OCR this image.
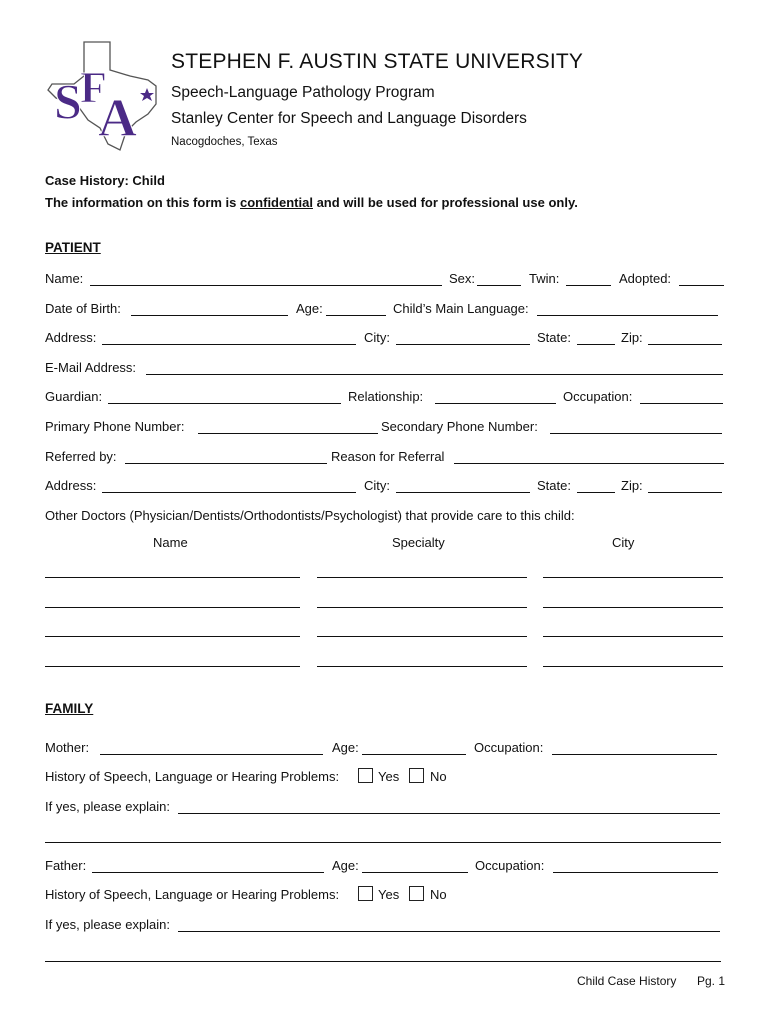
S
F
A
STEPHEN F. AUSTIN STATE UNIVERSITY
Speech-Language Pathology Program
Stanley Center for Speech and Language Disorders
Nacogdoches, Texas
Case History: Child
The information on this form is confidential and will be used for professional use only.
PATIENT
Name:	Sex:	Twin:	Adopted:
Date of Birth:	Age:	Child’s Main Language:
Address:	City:	State:	Zip:
E-Mail Address:
Guardian:	Relationship:	Occupation:
Primary Phone Number:	Secondary Phone Number:
Referred by:	Reason for Referral
Address:	City:	State:	Zip:
Other Doctors (Physician/Dentists/Orthodontists/Psychologist) that provide care to this child:
Name	Specialty	City
FAMILY
Mother:	Age:	Occupation:
History of Speech, Language or Hearing Problems:	Yes No
If yes, please explain:
Father:	Age:	Occupation:
History of Speech, Language or Hearing Problems:	Yes No
If yes, please explain:
Child Case History Pg. 1
